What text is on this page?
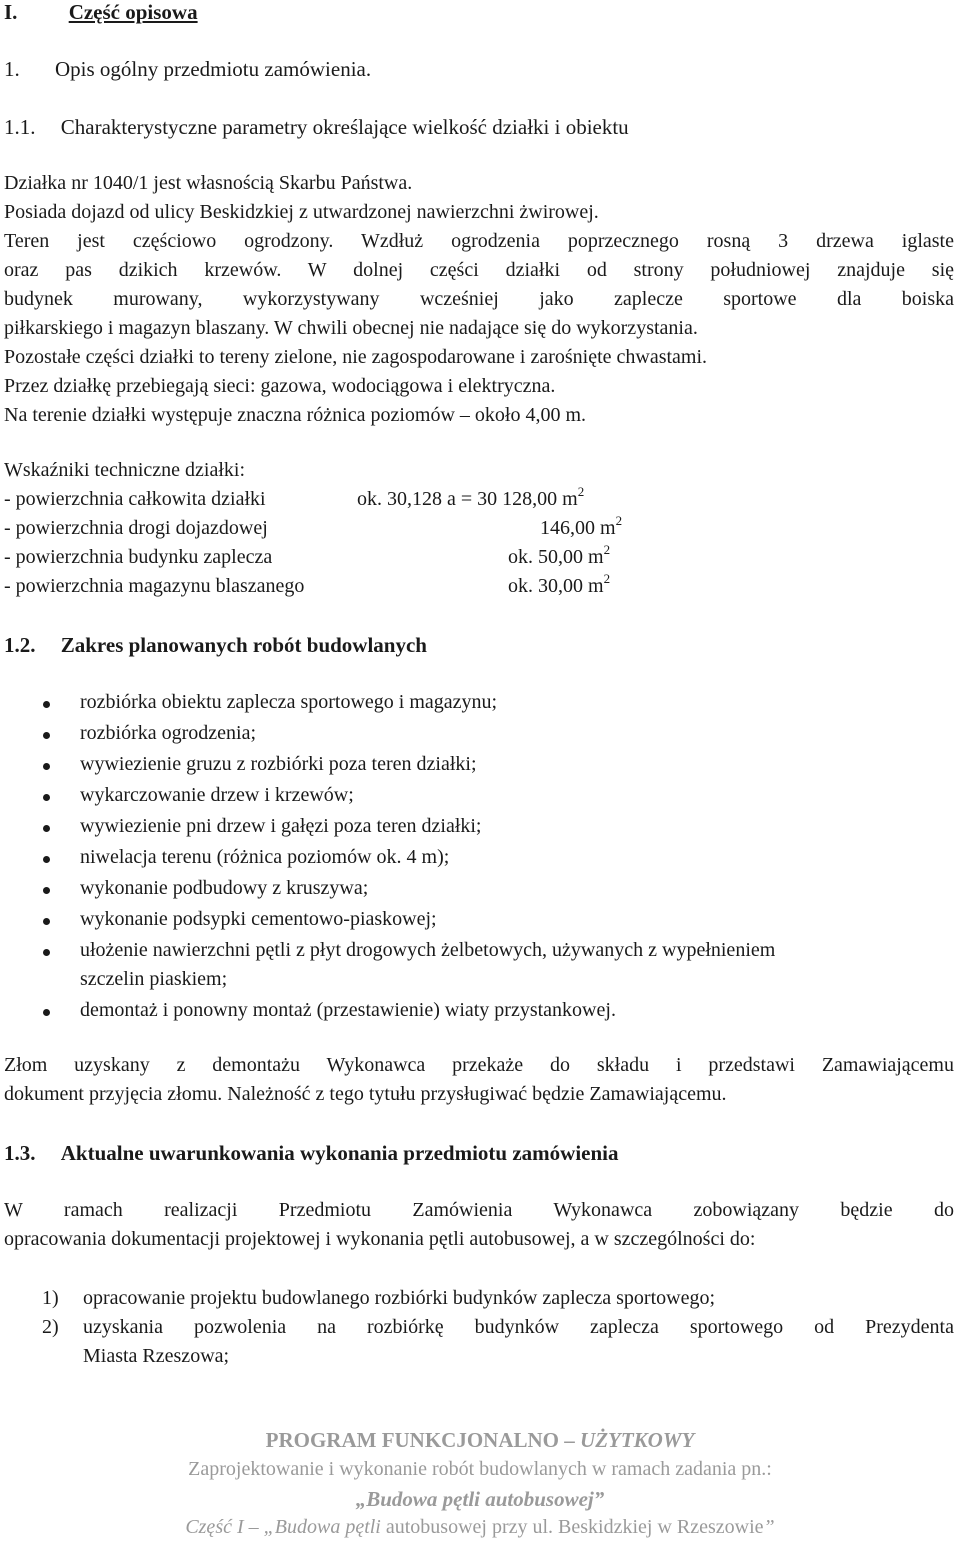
I. Część opisowa
1. Opis ogólny przedmiotu zamówienia.
1.1. Charakterystyczne parametry określające wielkość działki i obiektu
Działka nr 1040/1 jest własnością Skarbu Państwa.
Posiada dojazd od ulicy Beskidzkiej z utwardzonej nawierzchni żwirowej.
Teren jest częściowo ogrodzony. Wzdłuż ogrodzenia poprzecznego rosną 3 drzewa iglaste
oraz pas dzikich krzewów. W dolnej części działki od strony południowej znajduje się
budynek murowany, wykorzystywany wcześniej jako zaplecze sportowe dla boiska
piłkarskiego i magazyn blaszany. W chwili obecnej nie nadające się do wykorzystania.
Pozostałe części działki to tereny zielone, nie zagospodarowane i zarośnięte chwastami.
Przez działkę przebiegają sieci: gazowa, wodociągowa i elektryczna.
Na terenie działki występuje znaczna różnica poziomów – około 4,00 m.
Wskaźniki techniczne działki:
- powierzchnia całkowita działki	ok. 30,128 a = 30 128,00 $m^2$
- powierzchnia drogi dojazdowej	146,00 $m^2$
- powierzchnia budynku zaplecza	ok. 50,00 $m^2$
- powierzchnia magazynu blaszanego	ok. 30,00 $m^2$
1.2. Zakres planowanych robót budowlanych
rozbiórka obiektu zaplecza sportowego i magazynu;
rozbiórka ogrodzenia;
wywiezienie gruzu z rozbiórki poza teren działki;
wykarczowanie drzew i krzewów;
wywiezienie pni drzew i gałęzi poza teren działki;
niwelacja terenu (różnica poziomów ok. 4 m);
wykonanie podbudowy z kruszywa;
wykonanie podsypki cementowo-piaskowej;
ułożenie nawierzchni pętli z płyt drogowych żelbetowych, używanych z wypełnieniem
szczelin piaskiem;
demontaż i ponowny montaż (przestawienie) wiaty przystankowej.
Złom uzyskany z demontażu Wykonawca przekaże do składu i przedstawi Zamawiającemu
dokument przyjęcia złomu. Należność z tego tytułu przysługiwać będzie Zamawiającemu.
1.3. Aktualne uwarunkowania wykonania przedmiotu zamówienia
W ramach realizacji Przedmiotu Zamówienia Wykonawca zobowiązany będzie do
opracowania dokumentacji projektowej i wykonania pętli autobusowej, a w szczególności do:
1) opracowanie projektu budowlanego rozbiórki budynków zaplecza sportowego;
2) uzyskania pozwolenia na rozbiórkę budynków zaplecza sportowego od Prezydenta
Miasta Rzeszowa;
PROGRAM FUNKCJONALNO – UŻYTKOWY
Zaprojektowanie i wykonanie robót budowlanych w ramach zadania pn.:
„Budowa pętli autobusowej”
Część I – „Budowa pętli autobusowej przy ul. Beskidzkiej w Rzeszowie”
